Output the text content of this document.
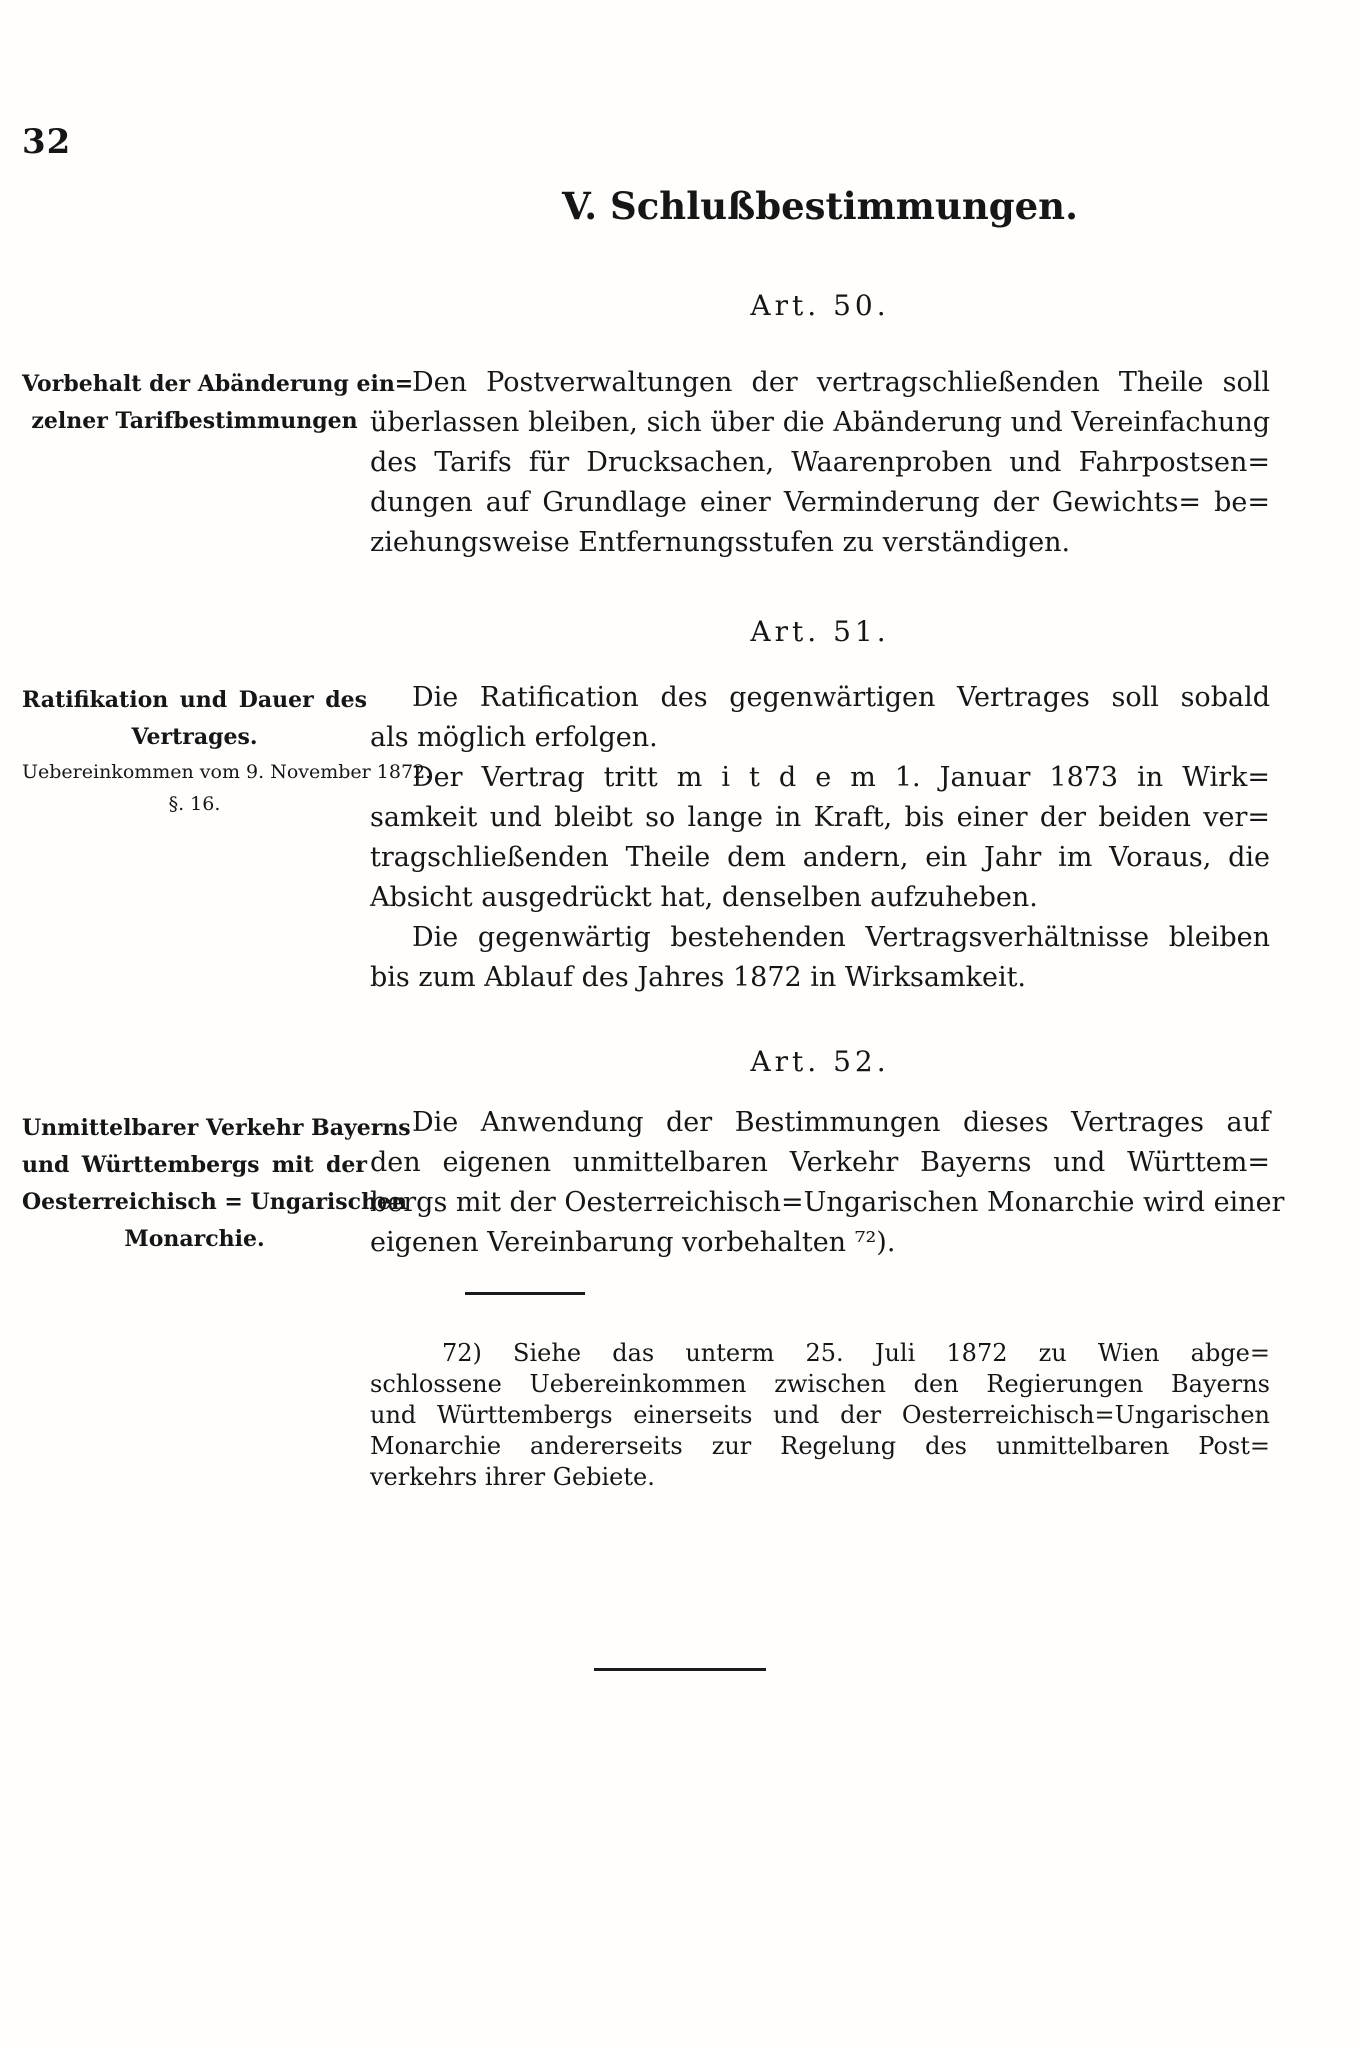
32
V. Schlußbestimmungen.
Art. 50.
Vorbehalt der Abänderung ein=
zelner Tarifbestimmungen
Den Postverwaltungen der vertragschließenden Theile soll
überlassen bleiben, sich über die Abänderung und Vereinfachung
des Tarifs für Drucksachen, Waarenproben und Fahrpostsen=
dungen auf Grundlage einer Verminderung der Gewichts= be=
ziehungsweise Entfernungsstufen zu verständigen.
Art. 51.
Ratifikation und Dauer des
Vertrages.
Uebereinkommen vom 9. November 1872.
§. 16.
Die Ratification des gegenwärtigen Vertrages soll sobald
als möglich erfolgen.
Der Vertrag tritt m i t d e m 1. Januar 1873 in Wirk=
samkeit und bleibt so lange in Kraft, bis einer der beiden ver=
tragschließenden Theile dem andern, ein Jahr im Voraus, die
Absicht ausgedrückt hat, denselben aufzuheben.
Die gegenwärtig bestehenden Vertragsverhältnisse bleiben
bis zum Ablauf des Jahres 1872 in Wirksamkeit.
Art. 52.
Unmittelbarer Verkehr Bayerns
und Württembergs mit der
Oesterreichisch = Ungarischen
Monarchie.
Die Anwendung der Bestimmungen dieses Vertrages auf
den eigenen unmittelbaren Verkehr Bayerns und Württem=
bergs mit der Oesterreichisch=Ungarischen Monarchie wird einer
eigenen Vereinbarung vorbehalten ⁷²).
72) Siehe das unterm 25. Juli 1872 zu Wien abge=
schlossene Uebereinkommen zwischen den Regierungen Bayerns
und Württembergs einerseits und der Oesterreichisch=Ungarischen
Monarchie andererseits zur Regelung des unmittelbaren Post=
verkehrs ihrer Gebiete.
